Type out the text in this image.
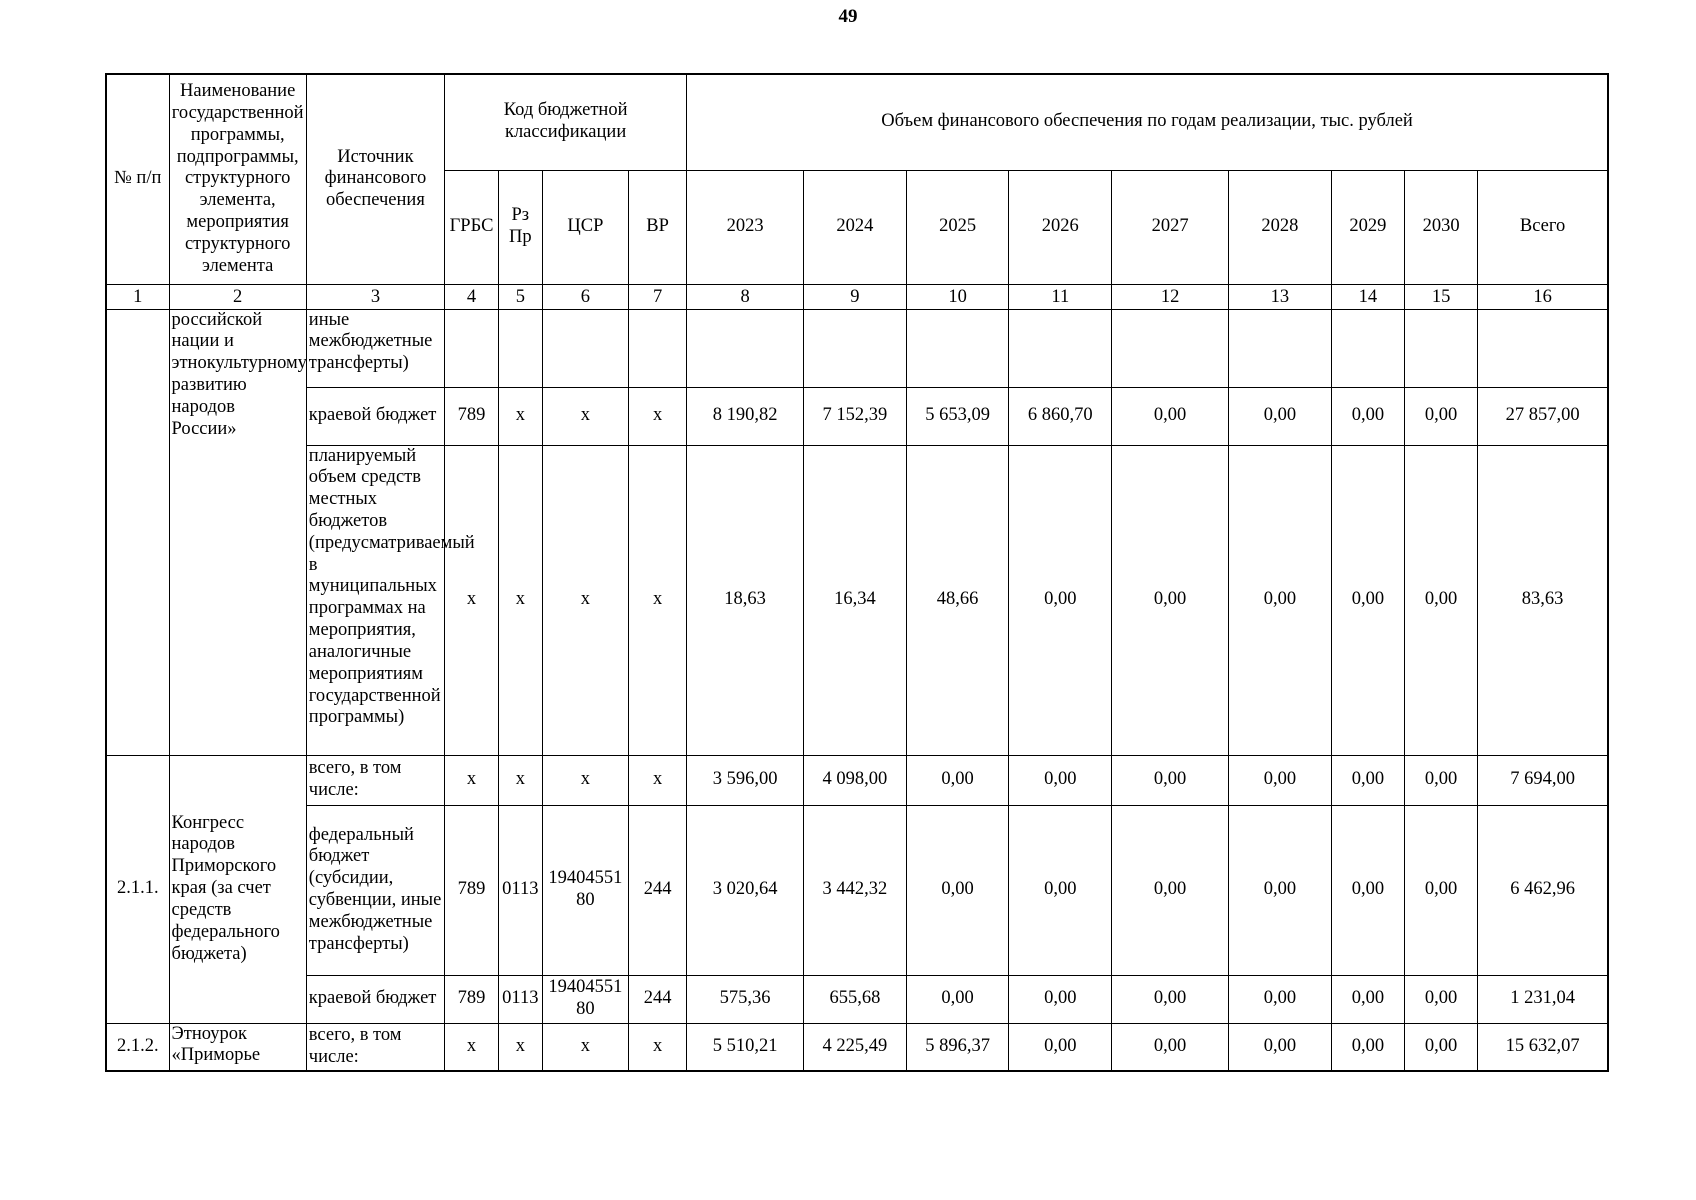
49
№ п/п	Наименование государственной программы, подпрограммы, структурного элемента, мероприятия структурного элемента	Источник финансового обеспечения	Код бюджетной классификации				Объем финансового обеспечения по годам реализации, тыс. рублей								
			ГРБС	Рз Пр	ЦСР	ВР	2023	2024	2025	2026	2027	2028	2029	2030	Всего
1	2	3	4	5	6	7	8	9	10	11	12	13	14	15	16
	российской нации и этнокультурному развитию народов России»	иные межбюджетные трансферты)													
		краевой бюджет	789	х	х	х	8 190,82	7 152,39	5 653,09	6 860,70	0,00	0,00	0,00	0,00	27 857,00
		планируемый объем средств местных бюджетов (предусматриваемый в муниципальных программах на мероприятия, аналогичные мероприятиям государственной программы)	х	х	х	х	18,63	16,34	48,66	0,00	0,00	0,00	0,00	0,00	83,63
2.1.1.	Конгресс народов Приморского края (за счет средств федерального бюджета)	всего, в том числе:	х	х	х	х	3 596,00	4 098,00	0,00	0,00	0,00	0,00	0,00	0,00	7 694,00
		федеральный бюджет (субсидии, субвенции, иные межбюджетные трансферты)	789	0113	1940455180	244	3 020,64	3 442,32	0,00	0,00	0,00	0,00	0,00	0,00	6 462,96
		краевой бюджет	789	0113	1940455180	244	575,36	655,68	0,00	0,00	0,00	0,00	0,00	0,00	1 231,04
2.1.2.	Этноурок «Приморье	всего, в том числе:	х	х	х	х	5 510,21	4 225,49	5 896,37	0,00	0,00	0,00	0,00	0,00	15 632,07
